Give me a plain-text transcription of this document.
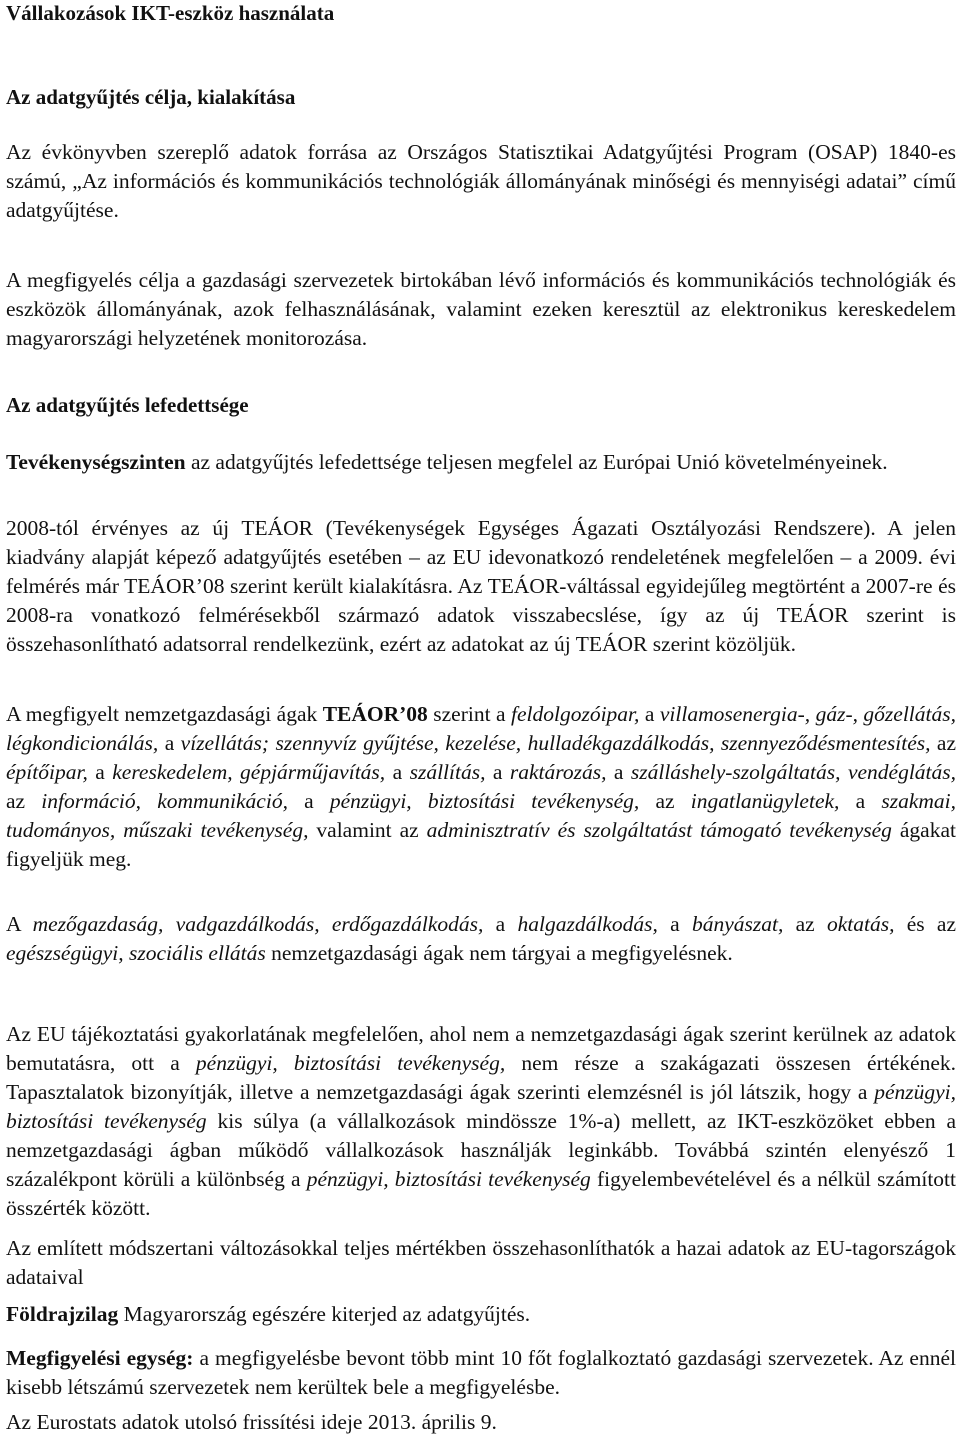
Vállakozások IKT-eszköz használata
Az adatgyűjtés célja, kialakítása

Az évkönyvben szereplő adatok forrása az Országos Statisztikai Adatgyűjtési Program (OSAP) 1840-es számú, „Az információs és kommunikációs technológiák állományának minőségi és mennyiségi adatai” című adatgyűjtése.

A megfigyelés célja a gazdasági szervezetek birtokában lévő információs és kommunikációs technológiák és eszközök állományának, azok felhasználásának, valamint ezeken keresztül az elektronikus kereskedelem magyarországi helyzetének monitorozása.

Az adatgyűjtés lefedettsége

Tevékenységszinten az adatgyűjtés lefedettsége teljesen megfelel az Európai Unió követelményeinek.

2008-tól érvényes az új TEÁOR (Tevékenységek Egységes Ágazati Osztályozási Rendszere). A jelen kiadvány alapját képező adatgyűjtés esetében – az EU idevonatkozó rendeletének megfelelően – a 2009. évi felmérés már TEÁOR’08 szerint került kialakításra. Az TEÁOR-váltással egyidejűleg megtörtént a 2007-re és 2008-ra vonatkozó felmérésekből származó adatok visszabecslése, így az új TEÁOR szerint is összehasonlítható adatsorral rendelkezünk, ezért az adatokat az új TEÁOR szerint közöljük.

A megfigyelt nemzetgazdasági ágak TEÁOR’08 szerint a feldolgozóipar, a villamosenergia-, gáz-, gőzellátás, légkondicionálás, a vízellátás; szennyvíz gyűjtése, kezelése, hulladékgazdálkodás, szennyeződésmentesítés, az építőipar, a kereskedelem, gépjárműjavítás, a szállítás, a raktározás, a szálláshely-szolgáltatás, vendéglátás, az információ, kommunikáció, a pénzügyi, biztosítási tevékenység, az ingatlanügyletek, a szakmai, tudományos, műszaki tevékenység, valamint az adminisztratív és szolgáltatást támogató tevékenység ágakat figyeljük meg.

A mezőgazdaság, vadgazdálkodás, erdőgazdálkodás, a halgazdálkodás, a bányászat, az oktatás, és az egészségügyi, szociális ellátás nemzetgazdasági ágak nem tárgyai a megfigyelésnek.

Az EU tájékoztatási gyakorlatának megfelelően, ahol nem a nemzetgazdasági ágak szerint kerülnek az adatok bemutatásra, ott a pénzügyi, biztosítási tevékenység, nem része a szakágazati összesen értékének. Tapasztalatok bizonyítják, illetve a nemzetgazdasági ágak szerinti elemzésnél is jól látszik, hogy a pénzügyi, biztosítási tevékenység kis súlya (a vállalkozások mindössze 1%-a) mellett, az IKT-eszközöket ebben a nemzetgazdasági ágban működő vállalkozások használják leginkább. Továbbá szintén elenyésző 1 százalékpont körüli a különbség a pénzügyi, biztosítási tevékenység figyelembevételével és a nélkül számított összérték között.

Az említett módszertani változásokkal teljes mértékben összehasonlíthatók a hazai adatok az EU-tagországok adataival

Földrajzilag Magyarország egészére kiterjed az adatgyűjtés.

Megfigyelési egység: a megfigyelésbe bevont több mint 10 főt foglalkoztató gazdasági szervezetek. Az ennél kisebb létszámú szervezetek nem kerültek bele a megfigyelésbe.

Az Eurostats adatok utolsó frissítési ideje 2013. április 9.
